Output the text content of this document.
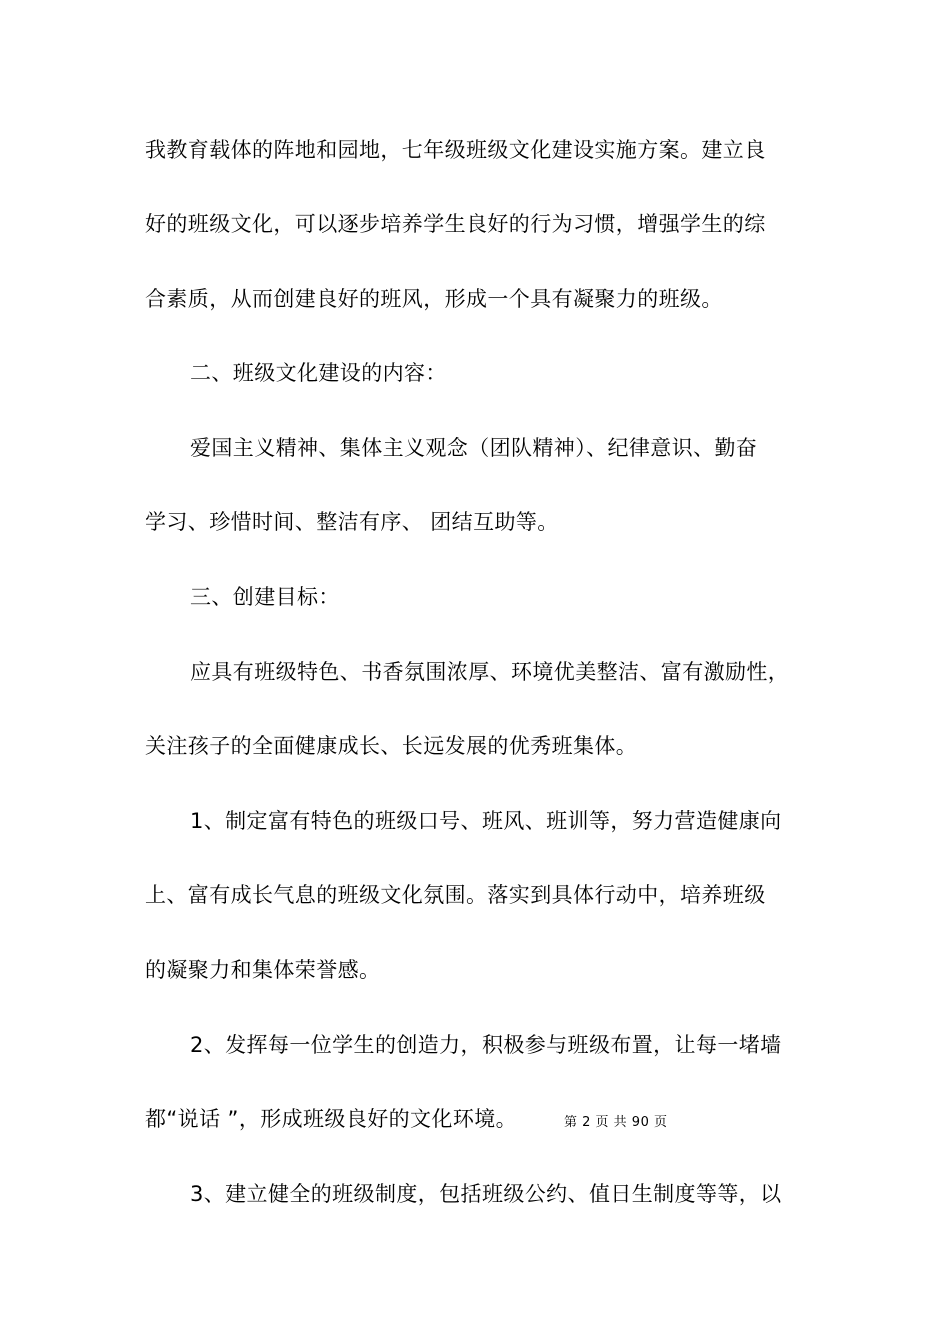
我教育载体的阵地和园地，七年级班级文化建设实施方案。建立良
好的班级文化，可以逐步培养学生良好的行为习惯，增强学生的综
合素质，从而创建良好的班风，形成一个具有凝聚力的班级。
二、班级文化建设的内容：
爱国主义精神、集体主义观念（团队精神）、纪律意识、勤奋
学习、珍惜时间、整洁有序、 团结互助等。
三、创建目标：
应具有班级特色、书香氛围浓厚、环境优美整洁、富有激励性，
关注孩子的全面健康成长、长远发展的优秀班集体。
1、制定富有特色的班级口号、班风、班训等，努力营造健康向
上、富有成长气息的班级文化氛围。落实到具体行动中，培养班级
的凝聚力和集体荣誉感。
2、发挥每一位学生的创造力，积极参与班级布置，让每一堵墙
都“说话 ”，形成班级良好的文化环境。	第 2 页 共 90 页
3、建立健全的班级制度，包括班级公约、值日生制度等等，以
